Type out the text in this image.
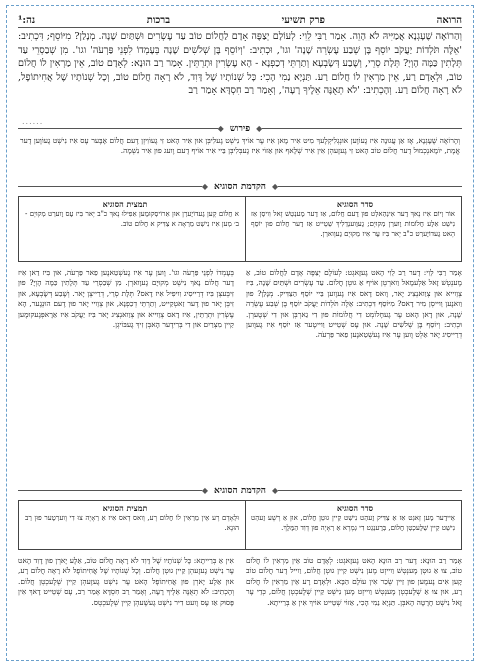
הרואה
פרק תשיעי
ברכות
נה:¹
וְהַרוֹאֶה שֶׁעָגְנָא אֲמַיִּיהּ לֹא הָוֵה. אָמַר רַבִּי לֵוִי: לְעוֹלָם יְצַפֶּה אָדָם לַחֲלוֹם טוֹב עַד עֶשְׂרִים וּשְׁתַּיִם שָׁנָה. מְנָלַן? מִיּוֹסֵף; דִּכְתִיב: 'אֵלֶּה תֹּלְדוֹת יַעֲקֹב יוֹסֵף בֶּן שְׁבַע עֶשְׂרֵה שָׁנָה' וגו', וּכְתִיב: 'וְיוֹסֵף בֶּן שְׁלֹשִׁים שָׁנָה בְּעָמְדוֹ לִפְנֵי פַּרְעֹה' וגו'. מִן שְׁבַסְרֵי עַד תְּלָתִין כַּמָּה הָוְיָ? תְּלָת סְרֵי, וְשֶׁבַע דְּשָׂבְעָא וְתַרְתֵּי דְכַפְנָא - הָא עֶשְׂרִין וּתְרֵתֵּין. אָמַר רַב הוּנָא: לְאָדָם טוֹב, אֵין מַרְאִין לוֹ חֲלוֹם טוֹב, וּלְאָדָם רַע, אֵין מַרְאִין לוֹ חֲלוֹם רַע. תַּנְיָא נַמִי הָכִי: כָּל שְׁנוֹתָיו שֶׁל דָּוִד, לֹא רָאָה חֲלוֹם טוֹב, וְכָל שְׁנוֹתָיו שֶׁל אֲחִיתוֹפֶל, לֹא רָאָה חֲלוֹם רַע. וְהָכְתִיב: 'לֹא תְאֻנֶּה אֵלֶיךָ רָעָה', וְאָמַר רַב חִסְדָּא אָמַר רַב
......
◆
פירוש
◆
וְהָרוֹאֶה שֶׁעָגְנָא, אֶז אַן עֲגוּנָה אִיז גֶעוֹוֶען אוּנְגְלִיקְלֶעךְ מִיט אִיר מָאן אִיז עֶר אוֹיךְ נִישְׁט גֶעלִיבְּן אוּן אִיר הָאט זִי גֶעוֹוִיזְן דֶעם חֲלוֹם אָבֶּער עֶס אִיז נִישְׁט גֶעוֹוֶען דֶער אֱמֶת, יוֹמָאנְכְמוּל דֶער חֲלוֹם טוֹב הָאט זִי גֶעזֶעהְן אִין אִיר שְׁלָאף אוּן אַזוֹי אִיז גֶעבְּלִיבְּן בַּיי אִיר אוֹיף דֶעם וֶועג פוּן אִיר נִשְׁמָה.
◆
הקדמת הסוגיא
◆
סדר הסוגיא
תמצית הסוגיא
אוֹר וְיוֹם אִיז נָאךְ דֶער אִינְהַאלְט פוּן דֶעם חֲלוֹם, אַז דֶער מֶענְטְשׁ זָאל וִויסְן אַז נִישְׁט אַלֶע חֲלוֹמוֹת וֶוערְן מְקוּיָם; גֶעוֶוענְדְלִיךְ שְׁטֵייט אַז דֶער חֲלוֹם פוּן יוֹסֵף הָאט גֶעדוֹיֶערְט כ"ב יָאר בִּיז עֶר אִיז מְקוּיָם גֶעוָוארְן.
א חֲלוֹם קָען גֶעדוֹיֶערְן אוּן אַרוֹיסְקוּמֶען אַפִילוּ נָאךְ כ"ב יָאר בִּיז עֶס וֶוערְט מְקוּיָם - ב׳ מְען אִיז נִישְׁט מַרְאָה א צַדִּיק א חֲלוֹם טוֹב.
אָמַר רַבִּי לֵוִי: דֶער רַב לֵוִי הָאט גֶעזָאגְט: לְעוֹלָם יְצַפֶּה אָדָם לַחֲלוֹם טוֹב, אַ מֶענְטְשׁ זָאל אַלְעמָאל וַוארְטְן אוֹיף אַ גוּטְן חֲלוֹם. עַד עֶשְׂרִים וּשְׁתַּיִם שָׁנָה, בִּיז צְוֵוייא אוּן צְוַואנְצִיג יָאר, וָואס דָאס אִיז גֶעוֶוען בַּיי יוֹסֵף הַצַדִּיק. מְנָלַן? פוּן וַואנֶען וֵוייסְן מִיר דָאס? מִיּוֹסֵף דִּכְתִיב: אֵלֶּה תֹּלְדוֹת יַעֲקֹב יוֹסֵף בֶּן שְׁבַע עֶשְׂרֵה שָׁנָה, אוּן דָאן הָאט עֶר גֶעחָלוֹמְט דִי חֲלוֹמוֹת פוּן דִי גַארְבְּן אוּן דִי שְׁטֶערְן. וּכְתִיב: וְיוֹסֵף בֶּן שְׁלֹשִׁים שָׁנָה. אוּן עֶס שְׁטֵייט וַוייטֶער אַז יוֹסֵף אִיז גֶעוֶוען דְרַייסִיג יָאר אַלְט וֶוען עֶר אִיז גֶעשְׁטַאנֶען פַאר פַּרְעֹה.
בְּעָמְדוֹ לִפְנֵי פַּרְעֹה וגו'. וֶוען עֶר אִיז גֶעשְׁטַאנֶען פַאר פַּרְעֹה, אוּן בִּיז דַאן אִיז דֶער חֲלוֹם נָאךְ נִישְׁט מְקוּיָם גֶעוָוארְן. מִן שְׁבַסְרֵי עַד תְּלָתִין כַּמָּה הָוְיָ? פוּן זִיבְּעצְן בִּיז דְרַייסִיג וִויפִיל אִיז דָאס? תְּלָת סְרֵי, דְרַייצְן יָאר. וְשֶׁבַע דְּשָׂבְעָא, אוּן זִיבְּן יָאר פוּן דֶער זַאטְקַייט, וְתַרְתֵּי דְכַפְנָא, אוּן צְוֵויי יָאר פוּן דֶעם הוּנְגֶער, הָא עֶשְׂרִין וּתְרֵתֵּין, אִיז דָאס צְוֵוייא אוּן צְוַואנְצִיג יָאר בִּיז יַעֲקֹב אִיז אַרָאפְּגֶעקוּמֶען קַיין מִצְרַיִם אוּן דִי בְּרִידֶער הָאבְּן זִיךְ גֶעבּוֹיגְן.
◆
הקדמת הסוגיא
◆
סדר הסוגיא
תמצית הסוגיא
אֵיידֶער מֶען זָאגְט אַז אַ צַדִּיק זֶעהְט נִישְׁט קַיין גוּטְן חֲלוֹם, אוּן אַ רָשָׁע זֶעהְט נִישְׁט קַיין שְׁלֶעכְטְן חֲלוֹם, בְּרֶענְגְט דִי גְמָרָא אַ רְאָיָה פוּן דָוִד הַמֶּלֶךְ.
וּלְאָדָם רָע אֵין מַרְאִין לוֹ חֲלוֹם רָע, וָואס דָאס אִיז אַ רְאָיָה צוּ דִי וָוערְטֶער פוּן רַב הוּנָא.
אָמַר רַב הוּנָא: דֶער רַב הוּנָא הָאט גֶעזָאגְט: לְאָדָם טוֹב אֵין מַרְאִין לוֹ חֲלוֹם טוֹב, צוּ אַ גוּטְן מֶענְטְשׁ וַוייזְט מֶען נִישְׁט קַיין גוּטְן חֲלוֹם, וַוייל דֶער חֲלוֹם טוֹב קָען אִים נֶעמֶען פוּן זַיין שְׂכַר אִין עוֹלָם הַבָּא. וּלְאָדָם רָע אֵין מַרְאִין לוֹ חֲלוֹם רָע, אוּן צוּ אַ שְׁלֶעכְטְן מֶענְטְשׁ וַוייזְט מֶען נִישְׁט קַיין שְׁלֶעכְטְן חֲלוֹם, כְּדֵי עֶר זָאל נִישְׁט חָרָטָה הָאבְּן. תַּנְיָא נַמִי הָכִי, אַזוֹי שְׁטֵייט אוֹיךְ אִין אַ בְּרַייתָא.
אִין אַ בְּרַייתָא: כָּל שְׁנוֹתָיו שֶׁל דָּוִד לֹא רָאָה חֲלוֹם טוֹב, אַלֶע יָארְן פוּן דָוִד הָאט עֶר נִישְׁט גֶעזֶעהְן קַיין גוּטְן חֲלוֹם. וְכָל שְׁנוֹתָיו שֶׁל אֲחִיתוֹפֶל לֹא רָאָה חֲלוֹם רָע, אוּן אַלֶע יָארְן פוּן אֲחִיתוֹפֶל הָאט עֶר נִישְׁט גֶעזֶעהְן קַיין שְׁלֶעכְטְן חֲלוֹם. וְהָכְתִיב: לֹא תְאֻנֶּה אֵלֶיךָ רָעָה, וְאָמַר רַב חִסְדָּא אָמַר רַב, עֶס שְׁטֵייט דָאךְ אִין פָּסוּק אַז עֶס וֶועט דִיר נִישְׁט גֶעשֶׁעהְן קַיין שְׁלֶעכְטְס.
